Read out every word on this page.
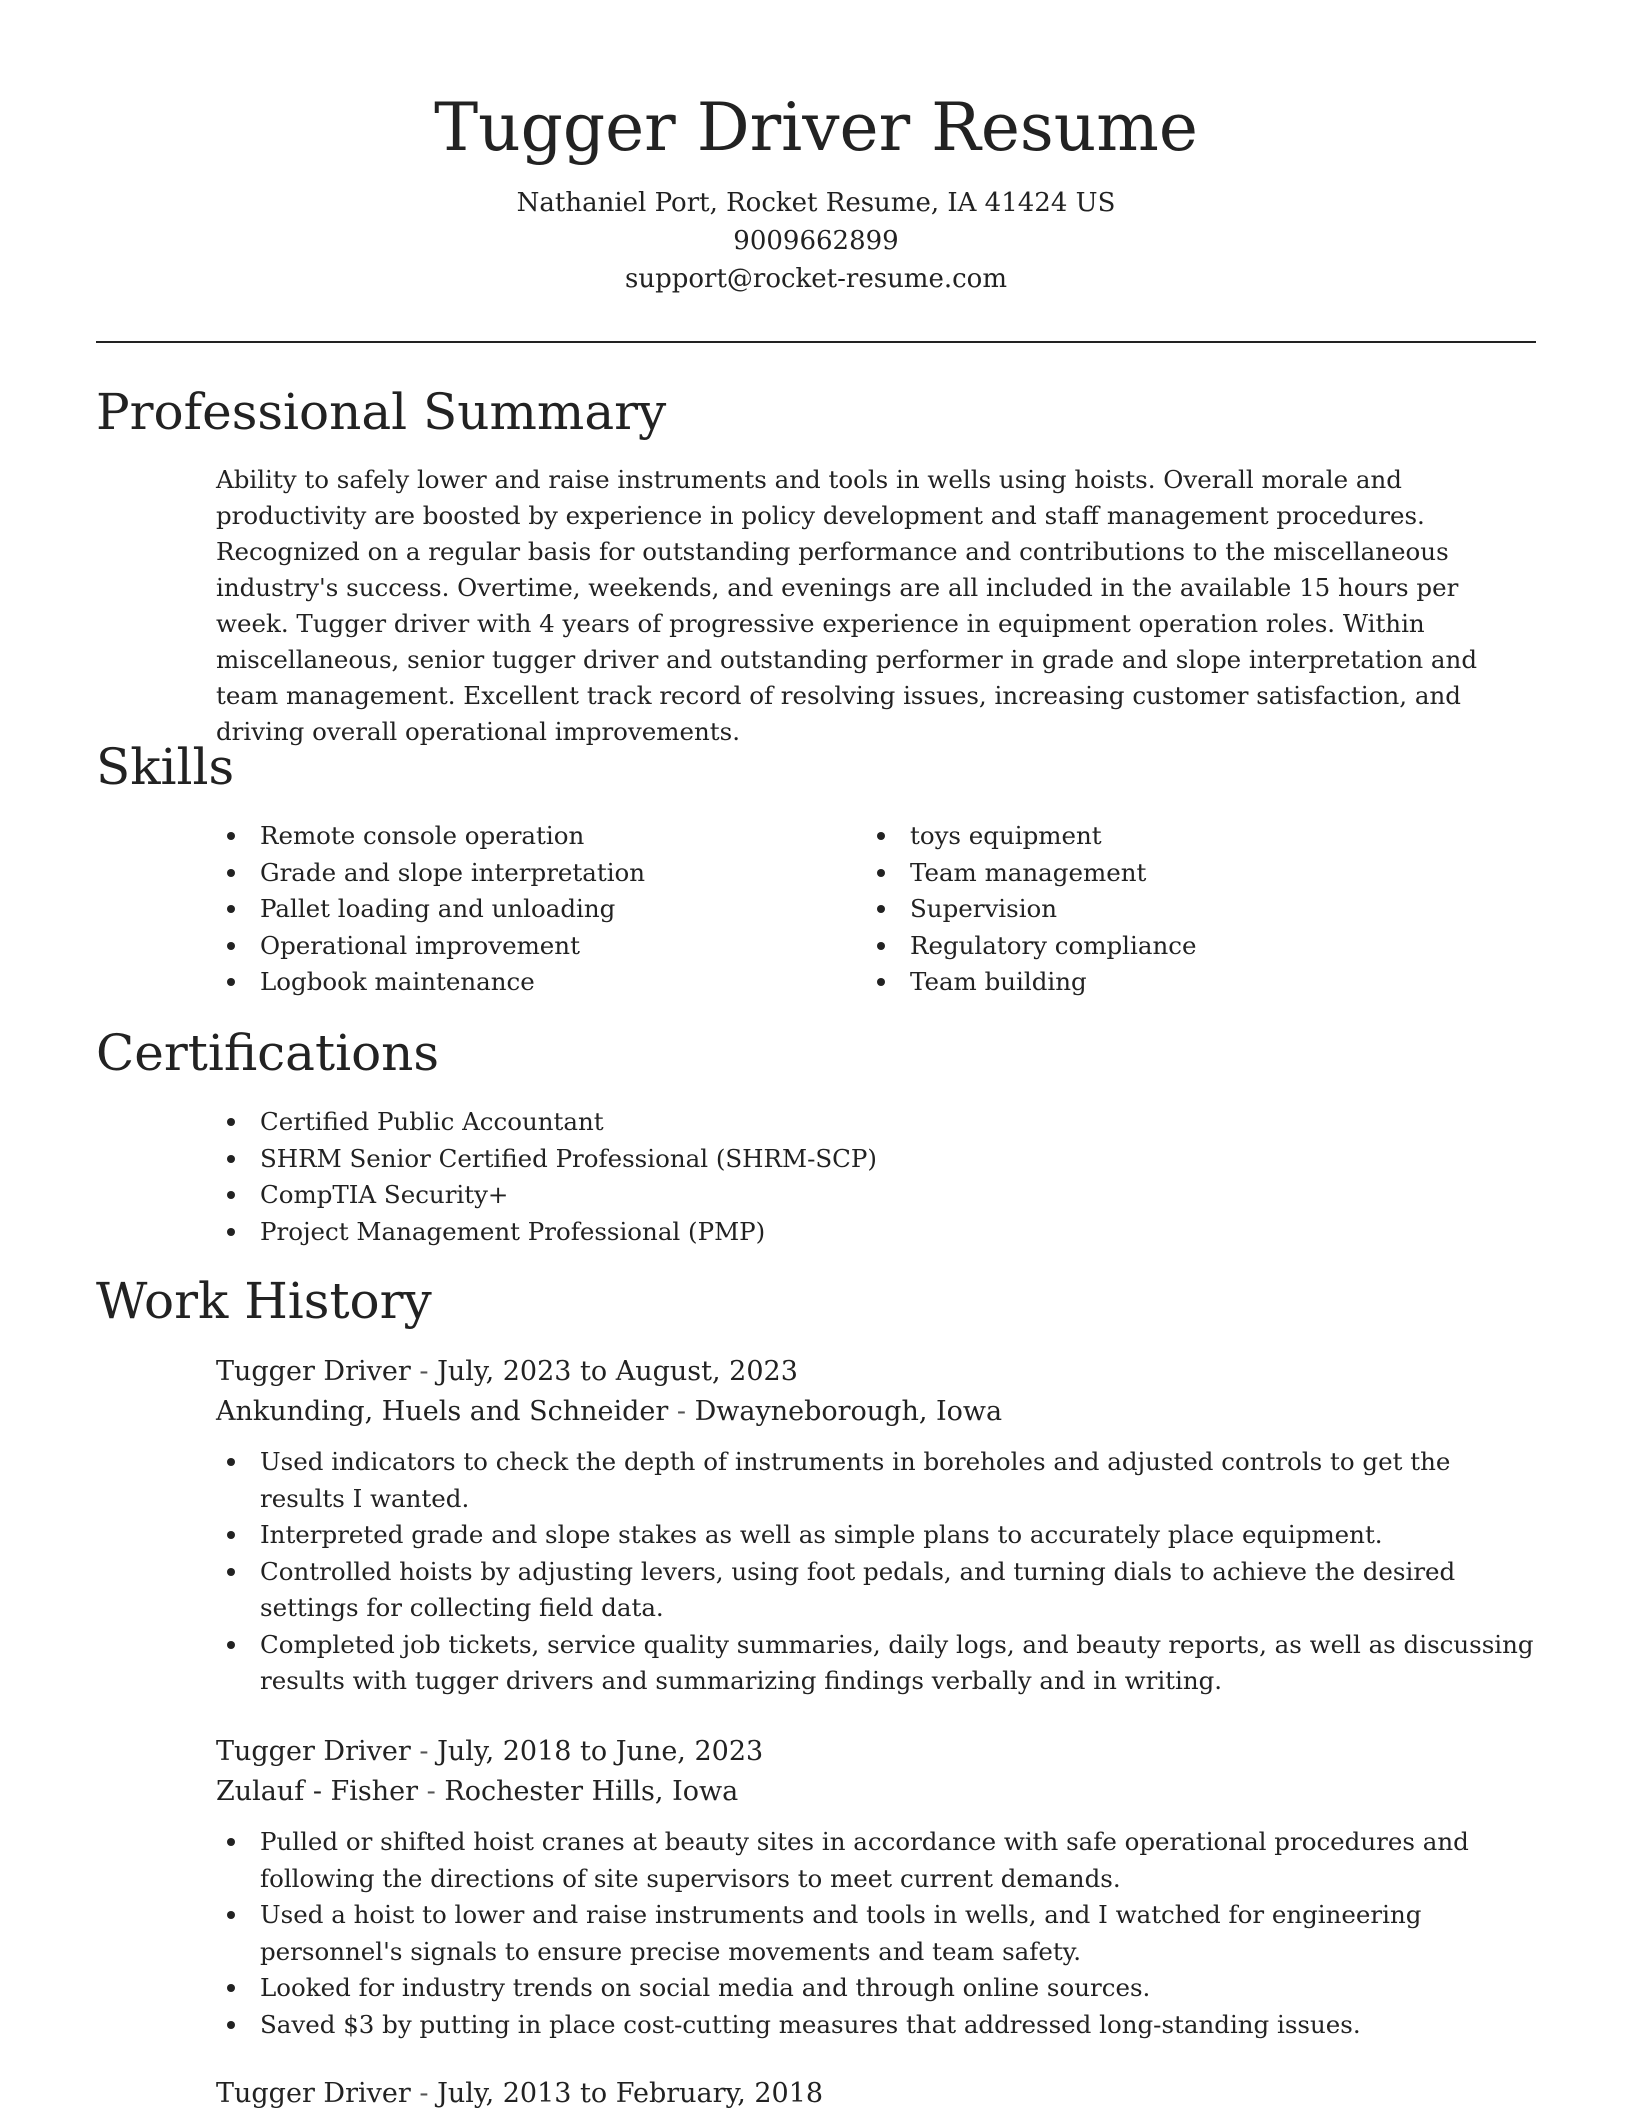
Tugger Driver Resume
Nathaniel Port, Rocket Resume, IA 41424 US
9009662899
support@rocket-resume.com
Professional Summary

Ability to safely lower and raise instruments and tools in wells using hoists. Overall morale and productivity are boosted by experience in policy development and staff management procedures. Recognized on a regular basis for outstanding performance and contributions to the miscellaneous industry's success. Overtime, weekends, and evenings are all included in the available 15 hours per week. Tugger driver with 4 years of progressive experience in equipment operation roles. Within miscellaneous, senior tugger driver and outstanding performer in grade and slope interpretation and team management. Excellent track record of resolving issues, increasing customer satisfaction, and driving overall operational improvements.

Skills
Remote console operation
Grade and slope interpretation
Pallet loading and unloading
Operational improvement
Logbook maintenance
toys equipment
Team management
Supervision
Regulatory compliance
Team building
Certifications
Certified Public Accountant
SHRM Senior Certified Professional (SHRM-SCP)
CompTIA Security+
Project Management Professional (PMP)
Work History
Tugger Driver - July, 2023 to August, 2023
Ankunding, Huels and Schneider - Dwayneborough, Iowa
Used indicators to check the depth of instruments in boreholes and adjusted controls to get the results I wanted.
Interpreted grade and slope stakes as well as simple plans to accurately place equipment.
Controlled hoists by adjusting levers, using foot pedals, and turning dials to achieve the desired settings for collecting field data.
Completed job tickets, service quality summaries, daily logs, and beauty reports, as well as discussing results with tugger drivers and summarizing findings verbally and in writing.
Tugger Driver - July, 2018 to June, 2023
Zulauf - Fisher - Rochester Hills, Iowa
Pulled or shifted hoist cranes at beauty sites in accordance with safe operational procedures and following the directions of site supervisors to meet current demands.
Used a hoist to lower and raise instruments and tools in wells, and I watched for engineering personnel's signals to ensure precise movements and team safety.
Looked for industry trends on social media and through online sources.
Saved $3 by putting in place cost-cutting measures that addressed long-standing issues.
Tugger Driver - July, 2013 to February, 2018
